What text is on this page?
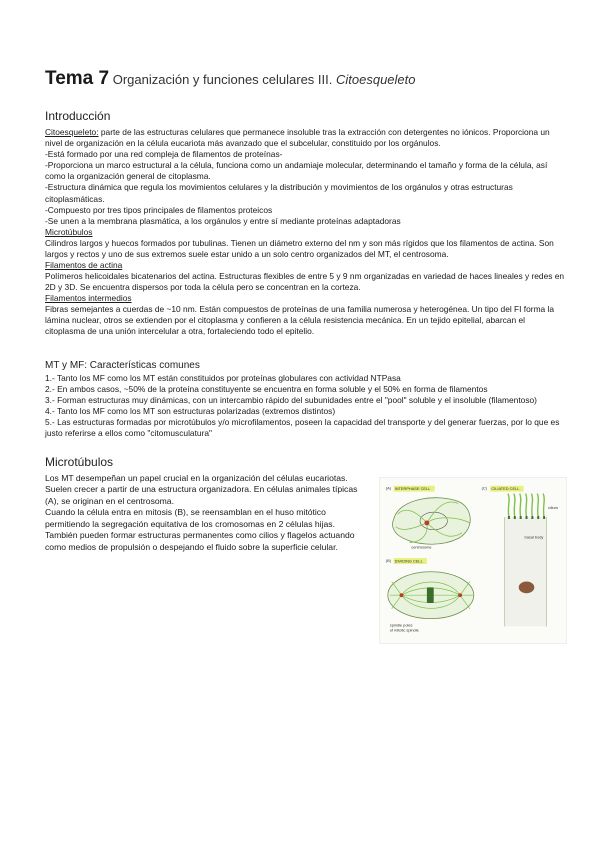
Tema 7 Organización y funciones celulares III. Citoesqueleto
Introducción

Citoesqueleto: parte de las estructuras celulares que permanece insoluble tras la extracción con detergentes no iónicos. Proporciona un nivel de organización en la célula eucariota más avanzado que el subcelular, constituido por los orgánulos.

-Está formado por una red compleja de filamentos de proteínas-

-Proporciona un marco estructural a la célula, funciona como un andamiaje molecular, determinando el tamaño y forma de la célula, así como la organización general de citoplasma.

-Estructura dinámica que regula los movimientos celulares y la distribución y movimientos de los orgánulos y otras estructuras citoplasmáticas.

-Compuesto por tres tipos principales de filamentos proteicos

-Se unen a la membrana plasmática, a los orgánulos y entre sí mediante proteínas adaptadoras

Microtúbulos

Cilindros largos y huecos formados por tubulinas. Tienen un diámetro externo del nm y son más rígidos que los filamentos de actina. Son largos y rectos y uno de sus extremos suele estar unido a un solo centro organizados del MT, el centrosoma.

Filamentos de actina

Polímeros helicoidales bicatenarios del actina. Estructuras flexibles de entre 5 y 9 nm organizadas en variedad de haces lineales y redes en 2D y 3D. Se encuentra dispersos por toda la célula pero se concentran en la corteza.

Filamentos intermedios

Fibras semejantes a cuerdas de ~10 nm. Están compuestos de proteínas de una familia numerosa y heterogénea. Un tipo del FI forma la lámina nuclear, otros se extienden por el citoplasma y confieren a la célula resistencia mecánica. En un tejido epitelial, abarcan el citoplasma de una unión intercelular a otra, fortaleciendo todo el epitelio.

MT y MF: Características comunes

1.- Tanto los MF como los MT están constituidos por proteínas globulares con actividad NTPasa

2.- En ambos casos, ~50% de la proteína constituyente se encuentra en forma soluble y el 50% en forma de filamentos

3.- Forman estructuras muy dinámicas, con un intercambio rápido del subunidades entre el "pool" soluble y el insoluble (filamentoso)

4.- Tanto los MF como los MT son estructuras polarizadas (extremos distintos)

5.- Las estructuras formadas por microtúbulos y/o microfilamentos, poseen la capacidad del transporte y del generar fuerzas, por lo que es justo referirse a ellos como "citomusculatura"

Microtúbulos

Los MT desempeñan un papel crucial en la organización del células eucariotas. Suelen crecer a partir de una estructura organizadora. En células animales típicas (A), se originan en el centrosoma.

Cuando la célula entra en mitosis (B), se reensamblan en el huso mitótico permitiendo la segregación equitativa de los cromosomas en 2 células hijas.

También pueden formar estructuras permanentes como cilios y flagelos actuando como medios de propulsión o despejando el fluido sobre la superficie celular.

(A) INTERPHASE CELL
centrosome
(B) DIVIDING CELL
spindle poles
of mitotic spindle
(C) CILIATED CELL
cilium
basal body
